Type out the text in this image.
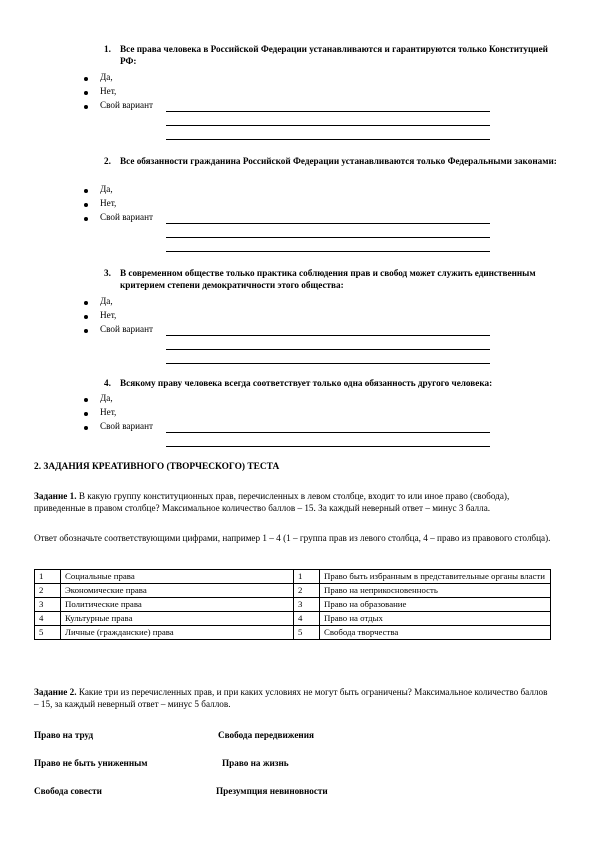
1. Все права человека в Российской Федерации устанавливаются и гарантируются только Конституцией РФ:
Да,
Нет,
Свой вариант
2. Все обязанности гражданина Российской Федерации устанавливаются только Федеральными законами:
Да,
Нет,
Свой вариант
3. В современном обществе только практика соблюдения прав и свобод может служить единственным критерием степени демократичности этого общества:
Да,
Нет,
Свой вариант
4. Всякому праву человека всегда соответствует только одна обязанность другого человека:
Да,
Нет,
Свой вариант
2. ЗАДАНИЯ КРЕАТИВНОГО (ТВОРЧЕСКОГО) ТЕСТА
Задание 1. В какую группу конституционных прав, перечисленных в левом столбце, входит то или иное право (свобода), приведенные в правом столбце? Максимальное количество баллов – 15. За каждый неверный ответ – минус 3 балла.
Ответ обозначьте соответствующими цифрами, например 1 – 4 (1 – группа прав из левого столбца, 4 – право из правового столбца).
1	Социальные права	1	Право быть избранным в представительные органы власти
2	Экономические права	2	Право на неприкосновенность
3	Политические права	3	Право на образование
4	Культурные права	4	Право на отдых
5	Личные (гражданские) права	5	Свобода творчества
Задание 2. Какие три из перечисленных прав, и при каких условиях не могут быть ограничены? Максимальное количество баллов – 15, за каждый неверный ответ – минус 5 баллов.
Право на труд	Свобода передвижения
Право не быть униженным	Право на жизнь
Свобода совести	Презумпция невиновности
